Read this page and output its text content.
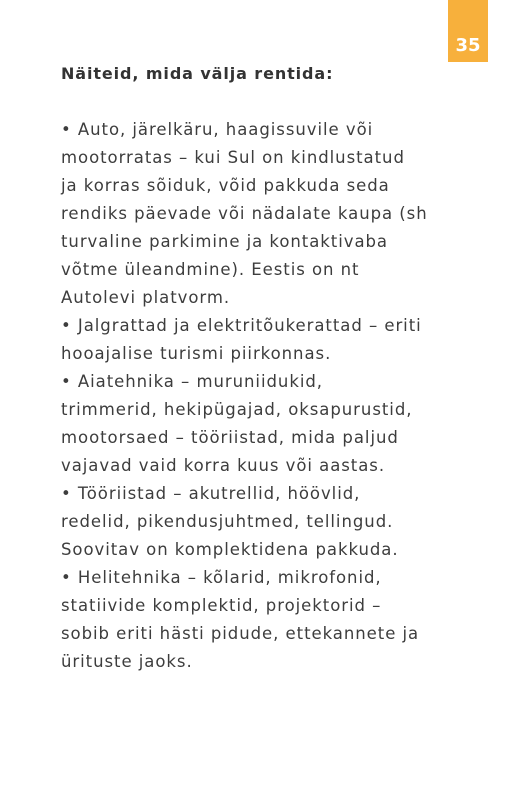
35
Näiteid, mida välja rentida:
• Auto, järelkäru, haagissuvile või
mootorratas – kui Sul on kindlustatud
ja korras sõiduk, võid pakkuda seda
rendiks päevade või nädalate kaupa (sh
turvaline parkimine ja kontaktivaba
võtme üleandmine). Eestis on nt
Autolevi platvorm.
• Jalgrattad ja elektritõukerattad – eriti
hooajalise turismi piirkonnas.
• Aiatehnika – muruniidukid,
trimmerid, hekipügajad, oksapurustid,
mootorsaed – tööriistad, mida paljud
vajavad vaid korra kuus või aastas.
• Tööriistad – akutrellid, höövlid,
redelid, pikendusjuhtmed, tellingud.
Soovitav on komplektidena pakkuda.
• Helitehnika – kõlarid, mikrofonid,
statiivide komplektid, projektorid –
sobib eriti hästi pidude, ettekannete ja
ürituste jaoks.
